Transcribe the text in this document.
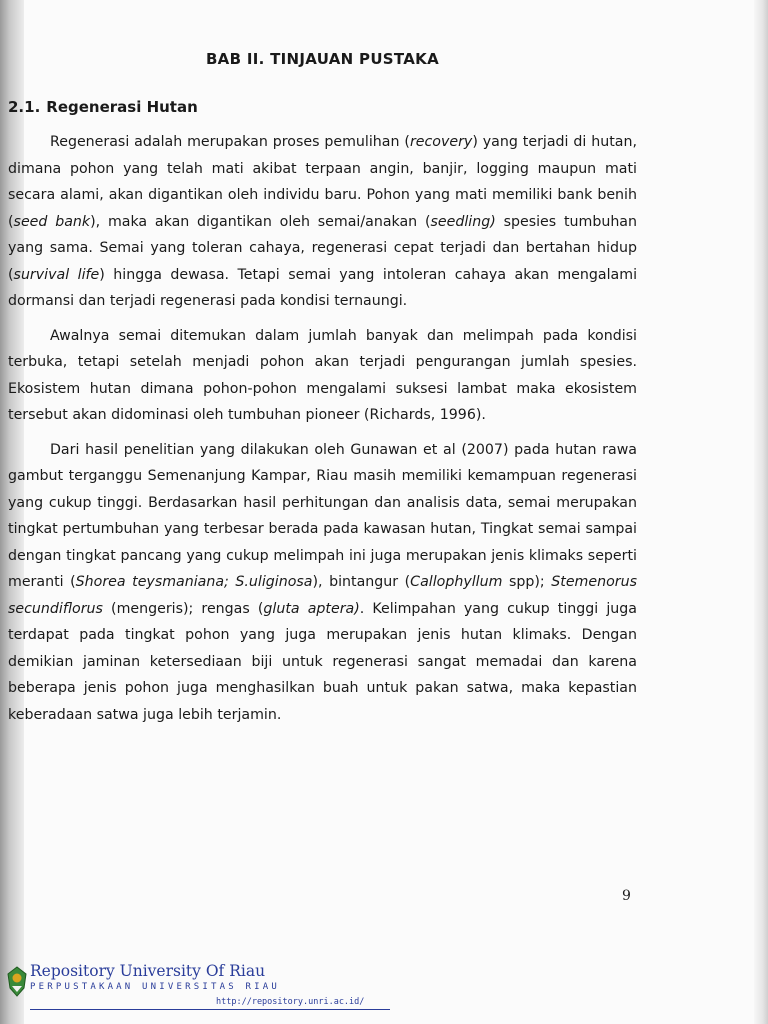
BAB II. TINJAUAN PUSTAKA
2.1. Regenerasi Hutan

Regenerasi adalah merupakan proses pemulihan (recovery) yang terjadi di hutan, dimana pohon yang telah mati akibat terpaan angin, banjir, logging maupun mati secara alami, akan digantikan oleh individu baru. Pohon yang mati memiliki bank benih (seed bank), maka akan digantikan oleh semai/anakan (seedling) spesies tumbuhan yang sama. Semai yang toleran cahaya, regenerasi cepat terjadi dan bertahan hidup (survival life) hingga dewasa. Tetapi semai yang intoleran cahaya akan mengalami dormansi dan terjadi regenerasi pada kondisi ternaungi.

Awalnya semai ditemukan dalam jumlah banyak dan melimpah pada kondisi terbuka, tetapi setelah menjadi pohon akan terjadi pengurangan jumlah spesies. Ekosistem hutan dimana pohon-pohon mengalami suksesi lambat maka ekosistem tersebut akan didominasi oleh tumbuhan pioneer (Richards, 1996).

Dari hasil penelitian yang dilakukan oleh Gunawan et al (2007) pada hutan rawa gambut terganggu Semenanjung Kampar, Riau masih memiliki kemampuan regenerasi yang cukup tinggi. Berdasarkan hasil perhitungan dan analisis data, semai merupakan tingkat pertumbuhan yang terbesar berada pada kawasan hutan, Tingkat semai sampai dengan tingkat pancang yang cukup melimpah ini juga merupakan jenis klimaks seperti meranti (Shorea teysmaniana; S.uliginosa), bintangur (Callophyllum spp); Stemenorus secundiflorus (mengeris); rengas (gluta aptera). Kelimpahan yang cukup tinggi juga terdapat pada tingkat pohon yang juga merupakan jenis hutan klimaks. Dengan demikian jaminan ketersediaan biji untuk regenerasi sangat memadai dan karena beberapa jenis pohon juga menghasilkan buah untuk pakan satwa, maka kepastian keberadaan satwa juga lebih terjamin.

9
Repository University Of Riau
PERPUSTAKAAN UNIVERSITAS RIAU
http://repository.unri.ac.id/
